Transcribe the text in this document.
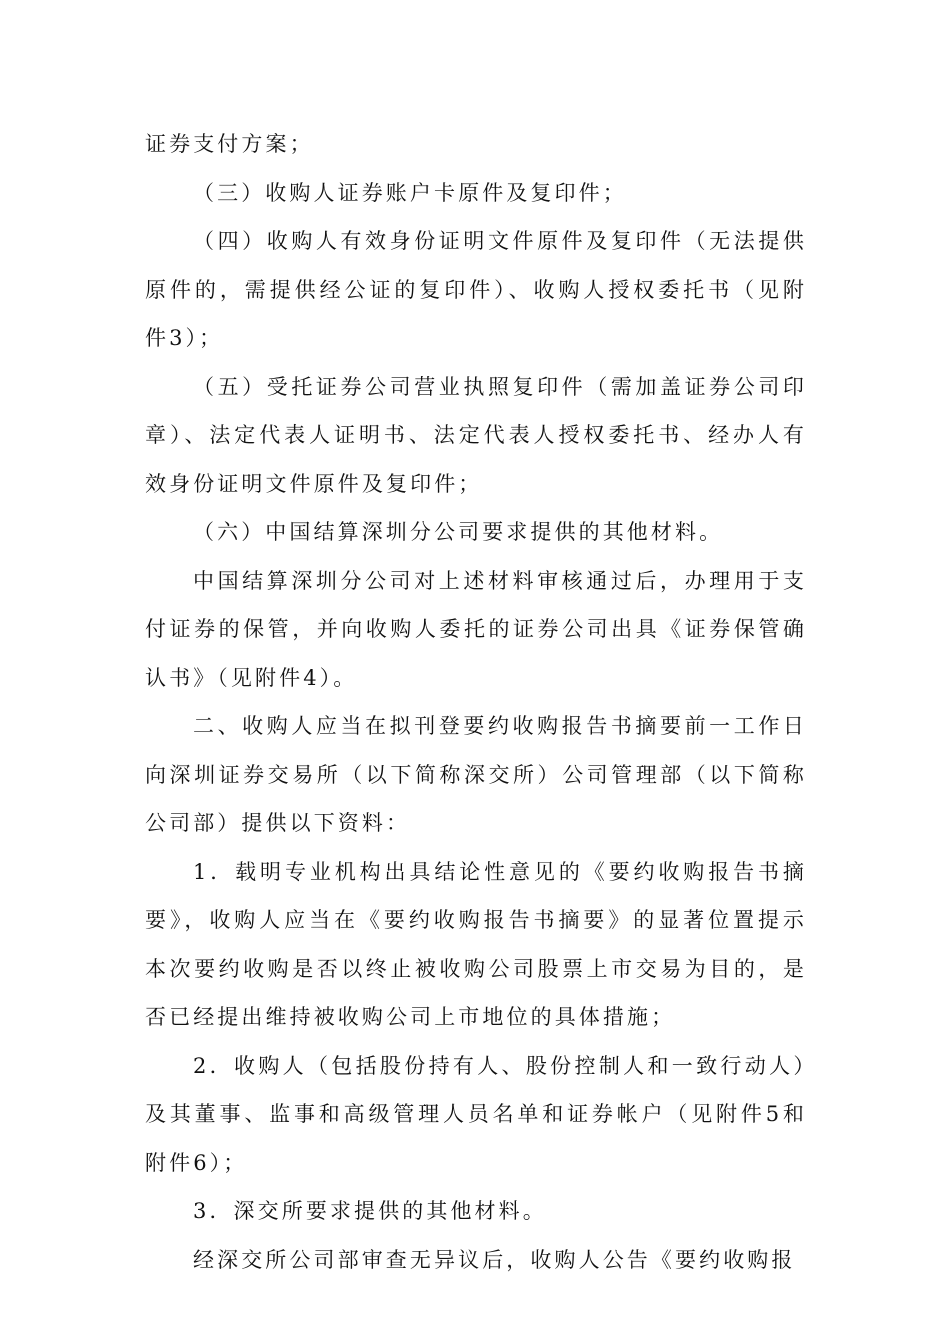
证券支付方案；

（三）收购人证券账户卡原件及复印件；

（四）收购人有效身份证明文件原件及复印件（无法提供原件的，需提供经公证的复印件）、收购人授权委托书（见附件3）；

（五）受托证券公司营业执照复印件（需加盖证券公司印章）、法定代表人证明书、法定代表人授权委托书、经办人有效身份证明文件原件及复印件；

（六）中国结算深圳分公司要求提供的其他材料。

中国结算深圳分公司对上述材料审核通过后，办理用于支付证券的保管，并向收购人委托的证券公司出具《证券保管确认书》（见附件4）。

二、收购人应当在拟刊登要约收购报告书摘要前一工作日向深圳证券交易所（以下简称深交所）公司管理部（以下简称公司部）提供以下资料：

1．载明专业机构出具结论性意见的《要约收购报告书摘要》，收购人应当在《要约收购报告书摘要》的显著位置提示本次要约收购是否以终止被收购公司股票上市交易为目的，是否已经提出维持被收购公司上市地位的具体措施；

2．收购人（包括股份持有人、股份控制人和一致行动人）及其董事、监事和高级管理人员名单和证券帐户（见附件5和附件6）；

3．深交所要求提供的其他材料。

经深交所公司部审查无异议后，收购人公告《要约收购报
